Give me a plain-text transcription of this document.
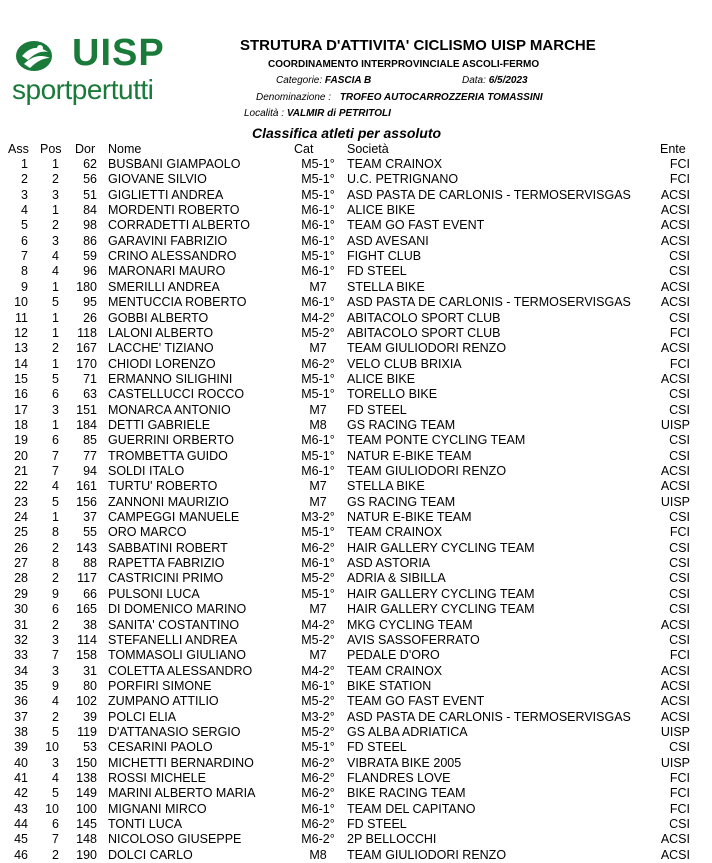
UISP
sportpertutti
STRUTURA D'ATTIVITA' CICLISMO UISP MARCHE
COORDINAMENTO INTERPROVINCIALE ASCOLI-FERMO
Categorie: FASCIA B	Data: 6/5/2023
Denominazione : TROFEO AUTOCARROZZERIA TOMASSINI
Località : VALMIR di PETRITOLI
Classifica atleti per assoluto
Ass Pos Dor Nome	Cat	Società	Ente
1 1 62 BUSBANI GIAMPAOLO	M5-1° TEAM CRAINOX	FCI
2 2 56 GIOVANE SILVIO	M5-1° U.C. PETRIGNANO	FCI
3 3 51 GIGLIETTI ANDREA	M5-1° ASD PASTA DE CARLONIS - TERMOSERVISGAS ACSI
4 1 84 MORDENTI ROBERTO	M6-1° ALICE BIKE	ACSI
5 2 98 CORRADETTI ALBERTO	M6-1° TEAM GO FAST EVENT	ACSI
6 3 86 GARAVINI FABRIZIO	M6-1° ASD AVESANI	ACSI
7 4 59 CRINO ALESSANDRO	M5-1° FIGHT CLUB	CSI
8 4 96 MARONARI MAURO	M6-1° FD STEEL	CSI
9 1 180 SMERILLI ANDREA	M7	STELLA BIKE	ACSI
10 5 95 MENTUCCIA ROBERTO	M6-1° ASD PASTA DE CARLONIS - TERMOSERVISGAS ACSI
11 1 26 GOBBI ALBERTO	M4-2° ABITACOLO SPORT CLUB	CSI
12 1 118 LALONI ALBERTO	M5-2° ABITACOLO SPORT CLUB	FCI
13 2 167 LACCHE' TIZIANO	M7	TEAM GIULIODORI RENZO	ACSI
14 1 170 CHIODI LORENZO	M6-2° VELO CLUB BRIXIA	FCI
15 5 71 ERMANNO SILIGHINI	M5-1° ALICE BIKE	ACSI
16 6 63 CASTELLUCCI ROCCO	M5-1° TORELLO BIKE	CSI
17 3 151 MONARCA ANTONIO	M7	FD STEEL	CSI
18 1 184 DETTI GABRIELE	M8	GS RACING TEAM	UISP
19 6 85 GUERRINI ORBERTO	M6-1° TEAM PONTE CYCLING TEAM	CSI
20 7 77 TROMBETTA GUIDO	M5-1° NATUR E-BIKE TEAM	CSI
21 7 94 SOLDI ITALO	M6-1° TEAM GIULIODORI RENZO	ACSI
22 4 161 TURTU' ROBERTO	M7	STELLA BIKE	ACSI
23 5 156 ZANNONI MAURIZIO	M7	GS RACING TEAM	UISP
24 1 37 CAMPEGGI MANUELE	M3-2° NATUR E-BIKE TEAM	CSI
25 8 55 ORO MARCO	M5-1° TEAM CRAINOX	FCI
26 2 143 SABBATINI ROBERT	M6-2° HAIR GALLERY CYCLING TEAM	CSI
27 8 88 RAPETTA FABRIZIO	M6-1° ASD ASTORIA	CSI
28 2 117 CASTRICINI PRIMO	M5-2° ADRIA & SIBILLA	CSI
29 9 66 PULSONI LUCA	M5-1° HAIR GALLERY CYCLING TEAM	CSI
30 6 165 DI DOMENICO MARINO	M7	HAIR GALLERY CYCLING TEAM	CSI
31 2 38 SANITA' COSTANTINO	M4-2° MKG CYCLING TEAM	ACSI
32 3 114 STEFANELLI ANDREA	M5-2° AVIS SASSOFERRATO	CSI
33 7 158 TOMMASOLI GIULIANO	M7	PEDALE D'ORO	FCI
34 3 31 COLETTA ALESSANDRO	M4-2° TEAM CRAINOX	ACSI
35 9 80 PORFIRI SIMONE	M6-1° BIKE STATION	ACSI
36 4 102 ZUMPANO ATTILIO	M5-2° TEAM GO FAST EVENT	ACSI
37 2 39 POLCI ELIA	M3-2° ASD PASTA DE CARLONIS - TERMOSERVISGAS ACSI
38 5 119 D'ATTANASIO SERGIO	M5-2° GS ALBA ADRIATICA	UISP
39 10 53 CESARINI PAOLO	M5-1° FD STEEL	CSI
40 3 150 MICHETTI BERNARDINO	M6-2° VIBRATA BIKE 2005	UISP
41 4 138 ROSSI MICHELE	M6-2° FLANDRES LOVE	FCI
42 5 149 MARINI ALBERTO MARIA	M6-2° BIKE RACING TEAM	FCI
43 10 100 MIGNANI MIRCO	M6-1° TEAM DEL CAPITANO	FCI
44 6 145 TONTI LUCA	M6-2° FD STEEL	CSI
45 7 148 NICOLOSO GIUSEPPE	M6-2° 2P BELLOCCHI	ACSI
46 2 190 DOLCI CARLO	M8	TEAM GIULIODORI RENZO	ACSI
